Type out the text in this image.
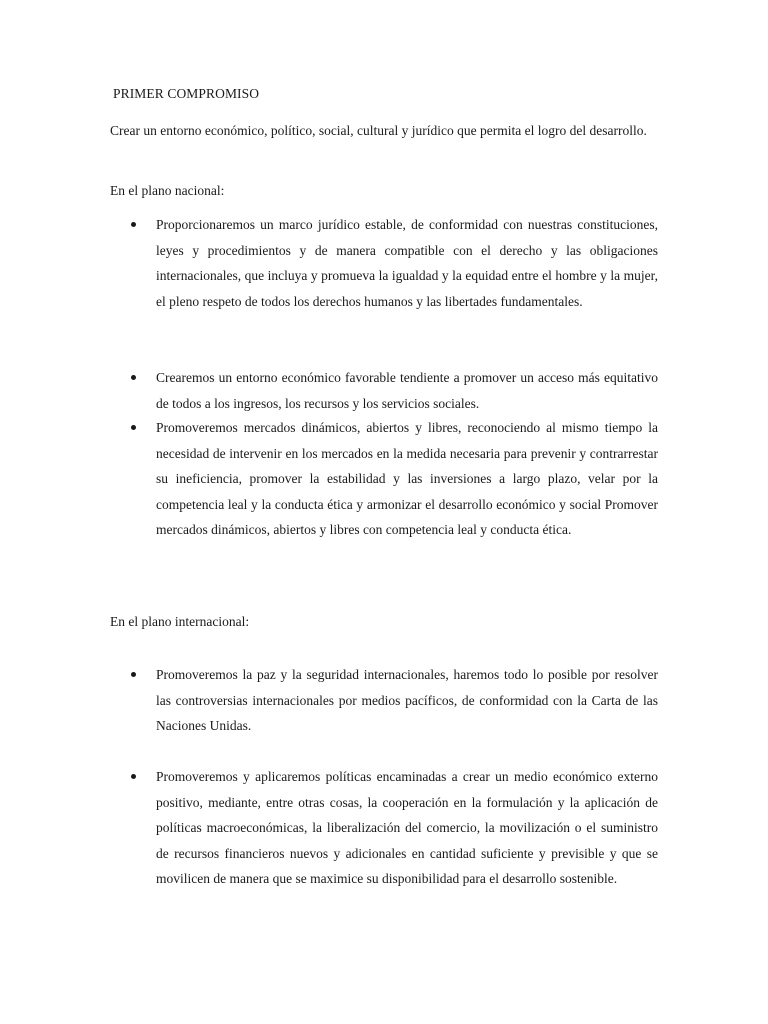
PRIMER COMPROMISO
Crear un entorno económico, político, social, cultural y jurídico que permita el logro del desarrollo.
En el plano nacional:
Proporcionaremos un marco jurídico estable, de conformidad con nuestras constituciones, leyes y procedimientos y de manera compatible con el derecho y las obligaciones internacionales, que incluya y promueva la igualdad y la equidad entre el hombre y la mujer, el pleno respeto de todos los derechos humanos y las libertades fundamentales.
Crearemos un entorno económico favorable tendiente a promover un acceso más equitativo de todos a los ingresos, los recursos y los servicios sociales.
Promoveremos mercados dinámicos, abiertos y libres, reconociendo al mismo tiempo la necesidad de intervenir en los mercados en la medida necesaria para prevenir y contrarrestar su ineficiencia, promover la estabilidad y las inversiones a largo plazo, velar por la competencia leal y la conducta ética y armonizar el desarrollo económico y social Promover mercados dinámicos, abiertos y libres con competencia leal y conducta ética.
En el plano internacional:
Promoveremos la paz y la seguridad internacionales, haremos todo lo posible por resolver las controversias internacionales por medios pacíficos, de conformidad con la Carta de las Naciones Unidas.
Promoveremos y aplicaremos políticas encaminadas a crear un medio económico externo positivo, mediante, entre otras cosas, la cooperación en la formulación y la aplicación de políticas macroeconómicas, la liberalización del comercio, la movilización o el suministro de recursos financieros nuevos y adicionales en cantidad suficiente y previsible y que se movilicen de manera que se maximice su disponibilidad para el desarrollo sostenible.
